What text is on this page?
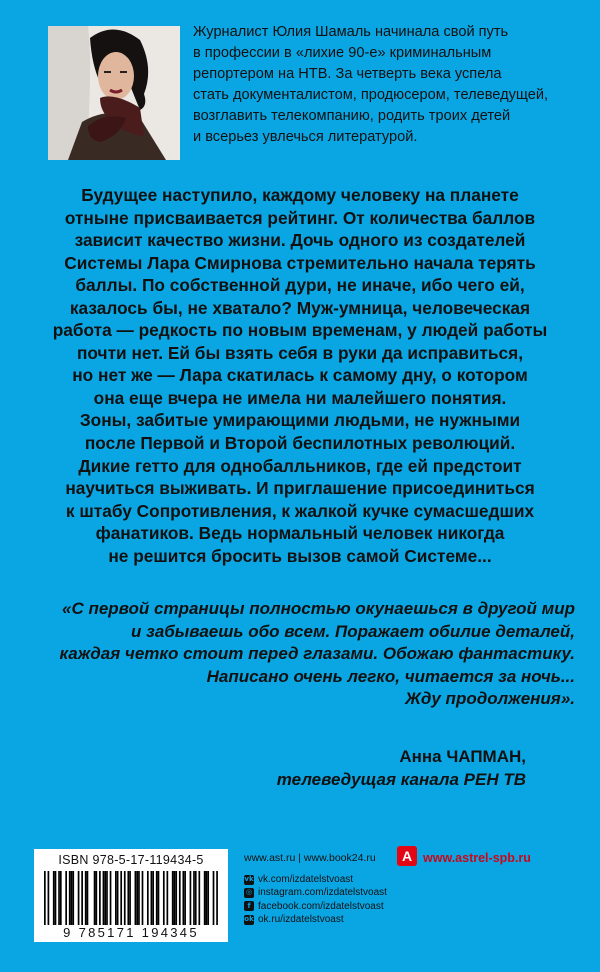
Журналист Юлия Шамаль начинала свой путь
в профессии в «лихие 90-е» криминальным
репортером на НТВ. За четверть века успела
стать документалистом, продюсером, телеведущей,
возглавить телекомпанию, родить троих детей
и всерьез увлечься литературой.

Будущее наступило, каждому человеку на планете
отныне присваивается рейтинг. От количества баллов
зависит качество жизни. Дочь одного из создателей
Системы Лара Смирнова стремительно начала терять
баллы. По собственной дури, не иначе, ибо чего ей,
казалось бы, не хватало? Муж-умница, человеческая
работа — редкость по новым временам, у людей работы
почти нет. Ей бы взять себя в руки да исправиться,
но нет же — Лара скатилась к самому дну, о котором
она еще вчера не имела ни малейшего понятия.
Зоны, забитые умирающими людьми, не нужными
после Первой и Второй беспилотных революций.
Дикие гетто для однобалльников, где ей предстоит
научиться выживать. И приглашение присоединиться
к штабу Сопротивления, к жалкой кучке сумасшедших
фанатиков. Ведь нормальный человек никогда
не решится бросить вызов самой Системе...

«С первой страницы полностью окунаешься в другой мир
и забываешь обо всем. Поражает обилие деталей,
каждая четко стоит перед глазами. Обожаю фантастику.
Написано очень легко, читается за ночь...
Жду продолжения».

Анна ЧАПМАН,
телеведущая канала РЕН ТВ
ISBN 978-5-17-119434-5
9 785171 194345
www.ast.ru | www.book24.ru А www.astrel-spb.ru
vk vk.com/izdatelstvoast
◎ instagram.com/izdatelstvoast
f facebook.com/izdatelstvoast
ok ok.ru/izdatelstvoast
